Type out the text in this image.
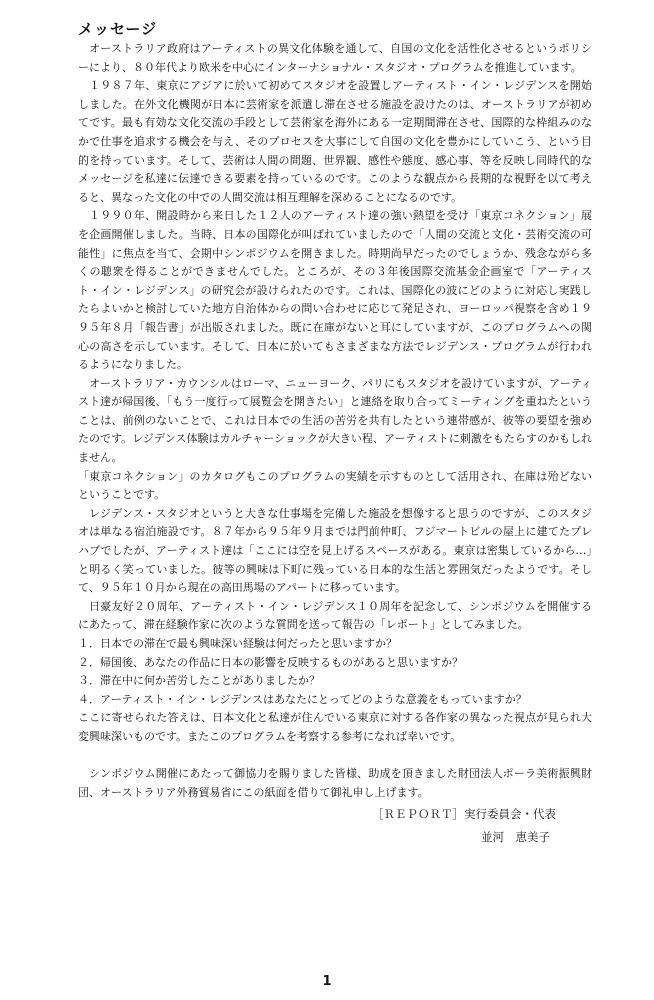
メッセージ

オーストラリア政府はアーティストの異文化体験を通して、自国の文化を活性化させるというポリシーにより、８０年代より欧米を中心にインターナショナル・スタジオ・プログラムを推進しています。

１９８７年、東京にアジアに於いて初めてスタジオを設置しアーティスト・イン・レジデンスを開始しました。在外文化機関が日本に芸術家を派遣し滞在させる施設を設けたのは、オーストラリアが初めてです。最も有効な文化交流の手段として芸術家を海外にある一定期間滞在させ、国際的な枠組みのなかで仕事を追求する機会を与え、そのプロセスを大事にして自国の文化を豊かにしていこう、という目的を持っています。そして、芸術は人間の問題、世界観、感性や態度、感心事、等を反映し同時代的なメッセージを私達に伝達できる要素を持っているのです。このような観点から長期的な視野を以て考えると、異なった文化の中での人間交流は相互理解を深めることになるのです。

１９９０年、開設時から来日した１２人のアーティスト達の強い熱望を受け「東京コネクション」展を企画開催しました。当時、日本の国際化が叫ばれていましたので「人間の交流と文化・芸術交流の可能性」に焦点を当て、会期中シンポジウムを開きました。時期尚早だったのでしょうか、残念ながら多くの聴衆を得ることができませんでした。ところが、その３年後国際交流基金企画室で「アーティスト・イン・レジデンス」の研究会が設けられたのです。これは、国際化の波にどのように対応し実践したらよいかと検討していた地方自治体からの問い合わせに応じて発足され、ヨーロッパ視察を含め１９９５年８月「報告書」が出版されました。既に在庫がないと耳にしていますが、このプログラムへの関心の高さを示しています。そして、日本に於いてもさまざまな方法でレジデンス・プログラムが行われるようになりました。

オーストラリア・カウンシルはローマ、ニューヨーク、パリにもスタジオを設けていますが、アーティスト達が帰国後、「もう一度行って展覧会を開きたい」と連絡を取り合ってミーティングを重ねたということは、前例のないことで、これは日本での生活の苦労を共有したという連帯感が、彼等の要望を強めたのです。レジデンス体験はカルチャーショックが大きい程、アーティストに刺激をもたらすのかもしれません。

「東京コネクション」のカタログもこのプログラムの実績を示すものとして活用され、在庫は殆どないということです。

レジデンス・スタジオというと大きな仕事場を完備した施設を想像すると思うのですが、このスタジオは単なる宿泊施設です。８７年から９５年９月までは門前仲町、フジマートビルの屋上に建てたプレハブでしたが、アーティスト達は「ここには空を見上げるスペースがある。東京は密集しているから…」と明るく笑っていました。彼等の興味は下町に残っている日本的な生活と雰囲気だったようです。そして、９５年１０月から現在の高田馬場のアパートに移っています。

日豪友好２０周年、アーティスト・イン・レジデンス１０周年を記念して、シンポジウムを開催するにあたって、滞在経験作家に次のような質問を送って報告の「レポート」としてみました。

１．日本での滞在で最も興味深い経験は何だったと思いますか？
２．帰国後、あなたの作品に日本の影響を反映するものがあると思いますか？
３．滞在中に何か苦労したことがありましたか？
４．アーティスト・イン・レジデンスはあなたにとってどのような意義をもっていますか？

ここに寄せられた答えは、日本文化と私達が住んでいる東京に対する各作家の異なった視点が見られ大変興味深いものです。またこのプログラムを考察する参考になれば幸いです。

シンポジウム開催にあたって御協力を賜りました皆様、助成を頂きました財団法人ポーラ美術振興財団、オーストラリア外務貿易省にこの紙面を借りて御礼申し上げます。

［ＲＥＰＯＲＴ］実行委員会・代表

並河　恵美子
1
